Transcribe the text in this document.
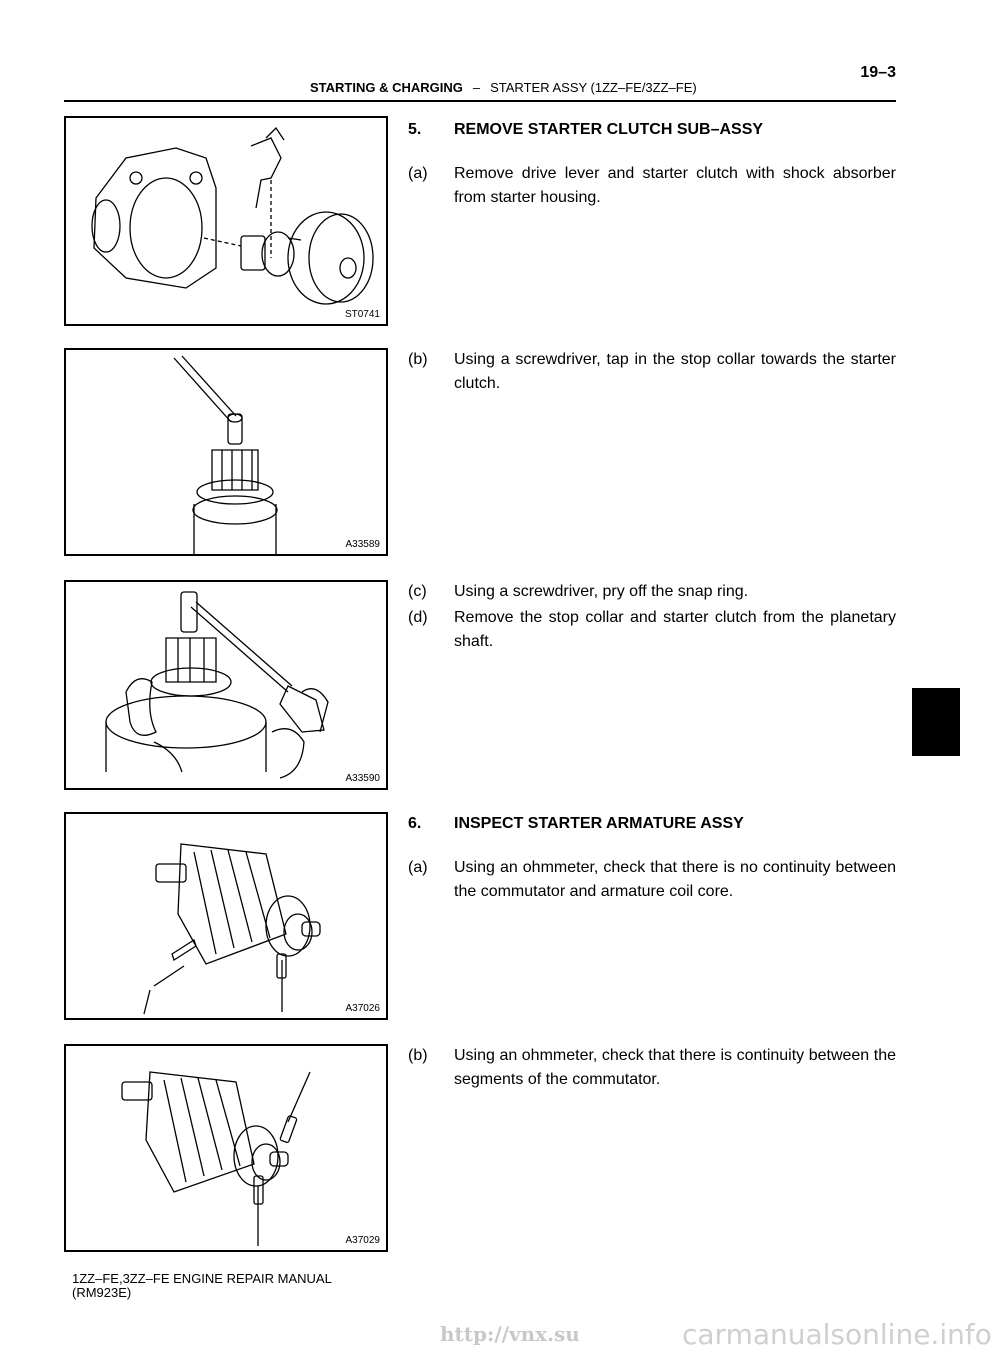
STARTING & CHARGING – STARTER ASSY (1ZZ–FE/3ZZ–FE)
19–3
ST0741
A33589
A33590
A37026
A37029
5. REMOVE STARTER CLUTCH SUB–ASSY
(a)	Remove drive lever and starter clutch with shock absorber from starter housing.
(b)	Using a screwdriver, tap in the stop collar towards the starter clutch.
(c)	Using a screwdriver, pry off the snap ring.
(d)	Remove the stop collar and starter clutch from the planetary shaft.
6. INSPECT STARTER ARMATURE ASSY
(a)	Using an ohmmeter, check that there is no continuity between the commutator and armature coil core.
(b)	Using an ohmmeter, check that there is continuity between the segments of the commutator.
1ZZ–FE,3ZZ–FE ENGINE REPAIR MANUAL
(RM923E)
http://vnx.su	carmanualsonline.info
